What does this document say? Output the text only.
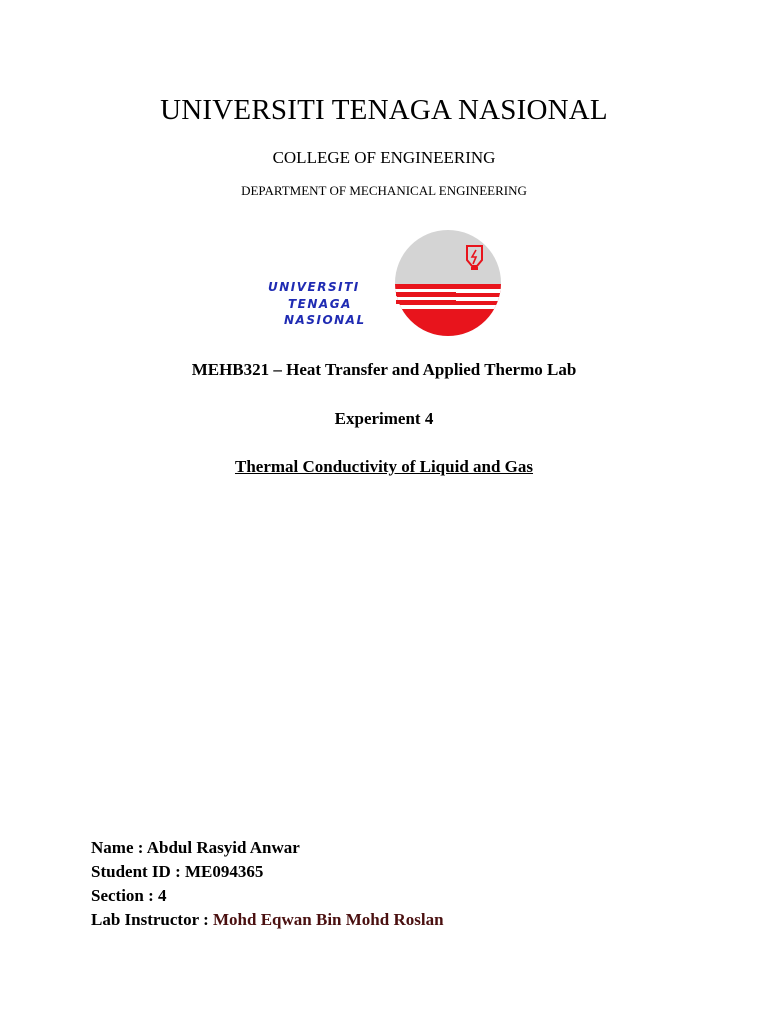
UNIVERSITI TENAGA NASIONAL

COLLEGE OF ENGINEERING

DEPARTMENT OF MECHANICAL ENGINEERING

UNIVERSITI
TENAGA
NASIONAL

MEHB321 – Heat Transfer and Applied Thermo Lab

Experiment 4

Thermal Conductivity of Liquid and Gas

Name : Abdul Rasyid Anwar

Student ID : ME094365

Section : 4

Lab Instructor : Mohd Eqwan Bin Mohd Roslan
